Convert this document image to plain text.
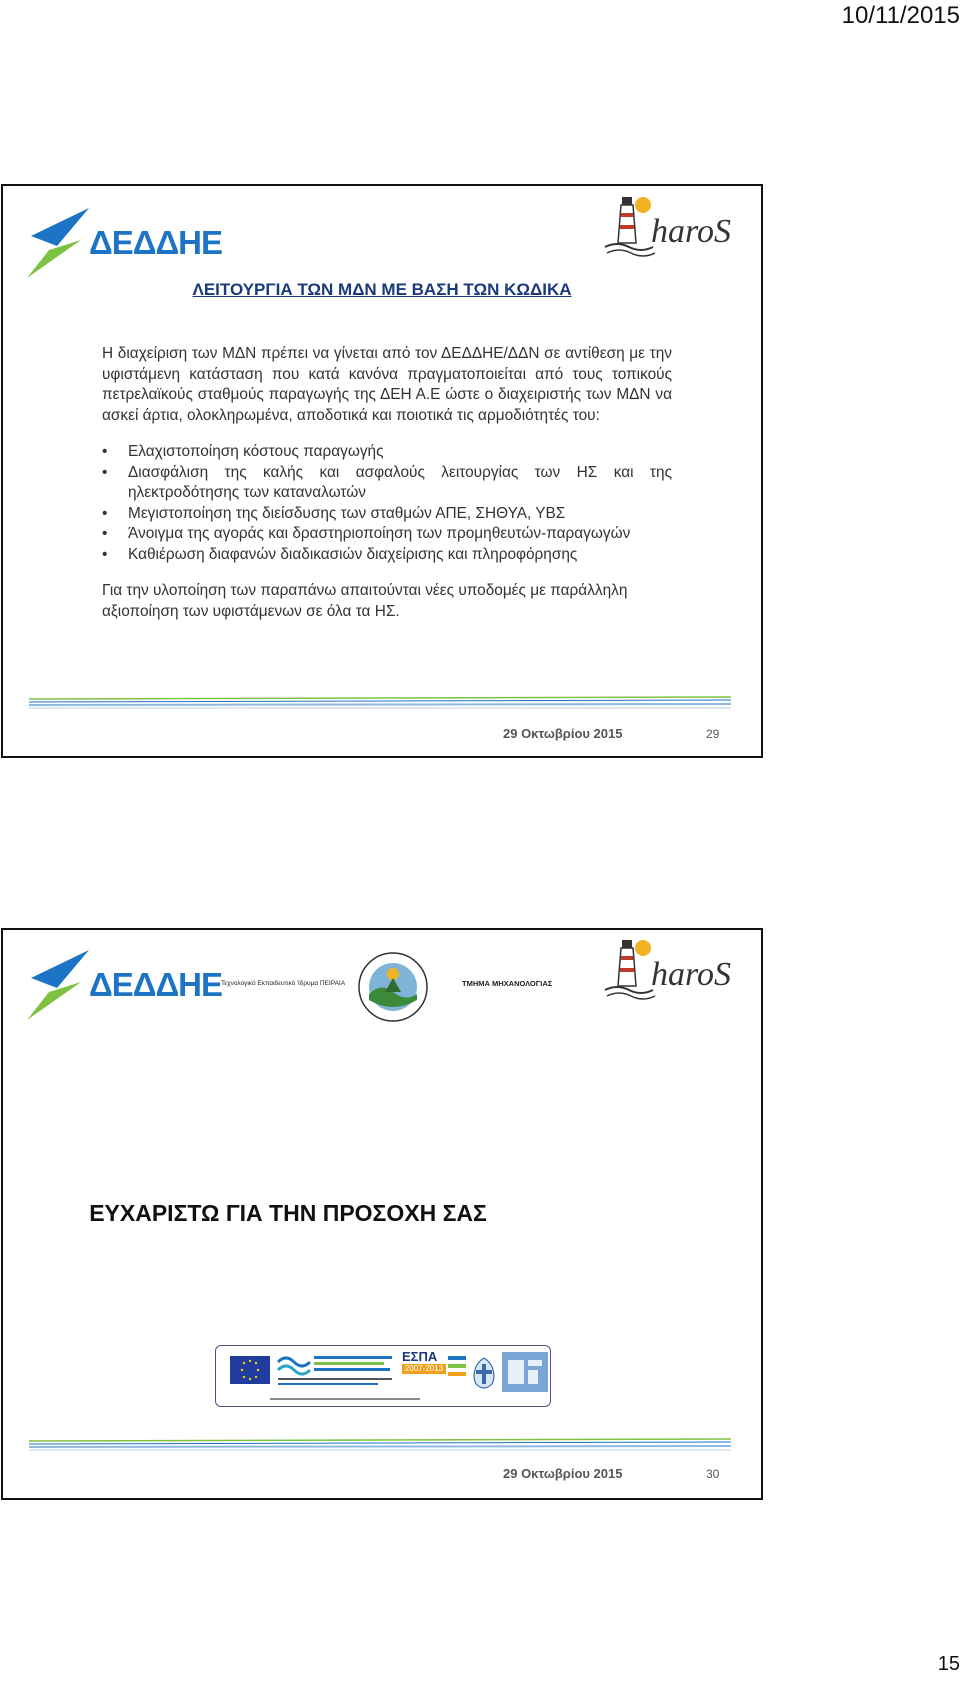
10/11/2015
ΔΕΔΔΗΕ	haroS
ΛΕΙΤΟΥΡΓΙΑ ΤΩΝ ΜΔΝ ΜΕ ΒΑΣΗ ΤΩΝ ΚΩΔΙΚΑ

Η διαχείριση των ΜΔΝ πρέπει να γίνεται από τον ΔΕΔΔΗΕ/ΔΔΝ σε αντίθεση με την υφιστάμενη κατάσταση που κατά κανόνα πραγματοποιείται από τους τοπικούς πετρελαϊκούς σταθμούς παραγωγής της ΔΕΗ Α.Ε ώστε ο διαχειριστής των ΜΔΝ να ασκεί άρτια, ολοκληρωμένα, αποδοτικά και ποιοτικά τις αρμοδιότητές του:

• Ελαχιστοποίηση κόστους παραγωγής
• Διασφάλιση της καλής και ασφαλούς λειτουργίας των ΗΣ και της ηλεκτροδότησης των καταναλωτών
• Μεγιστοποίηση της διείσδυσης των σταθμών ΑΠΕ, ΣΗΘΥΑ, ΥΒΣ
• Άνοιγμα της αγοράς και δραστηριοποίηση των προμηθευτών-παραγωγών
• Καθιέρωση διαφανών διαδικασιών διαχείρισης και πληροφόρησης

Για την υλοποίηση των παραπάνω απαιτούνται νέες υποδομές με παράλληλη αξιοποίηση των υφιστάμενων σε όλα τα ΗΣ.

29 Οκτωβρίου 2015	29
ΔΕΔΔΗΕ
Τεχνολογικό Εκπαιδευτικό Ίδρυμα ΠΕΙΡΑΙΑ	ΤΜΗΜΑ ΜΗΧΑΝΟΛΟΓΙΑΣ	haroS
ΕΥΧΑΡΙΣΤΩ ΓΙΑ ΤΗΝ ΠΡΟΣΟΧΗ ΣΑΣ
ΕΣΠΑ
2007-2013
29 Οκτωβρίου 2015	30
15
